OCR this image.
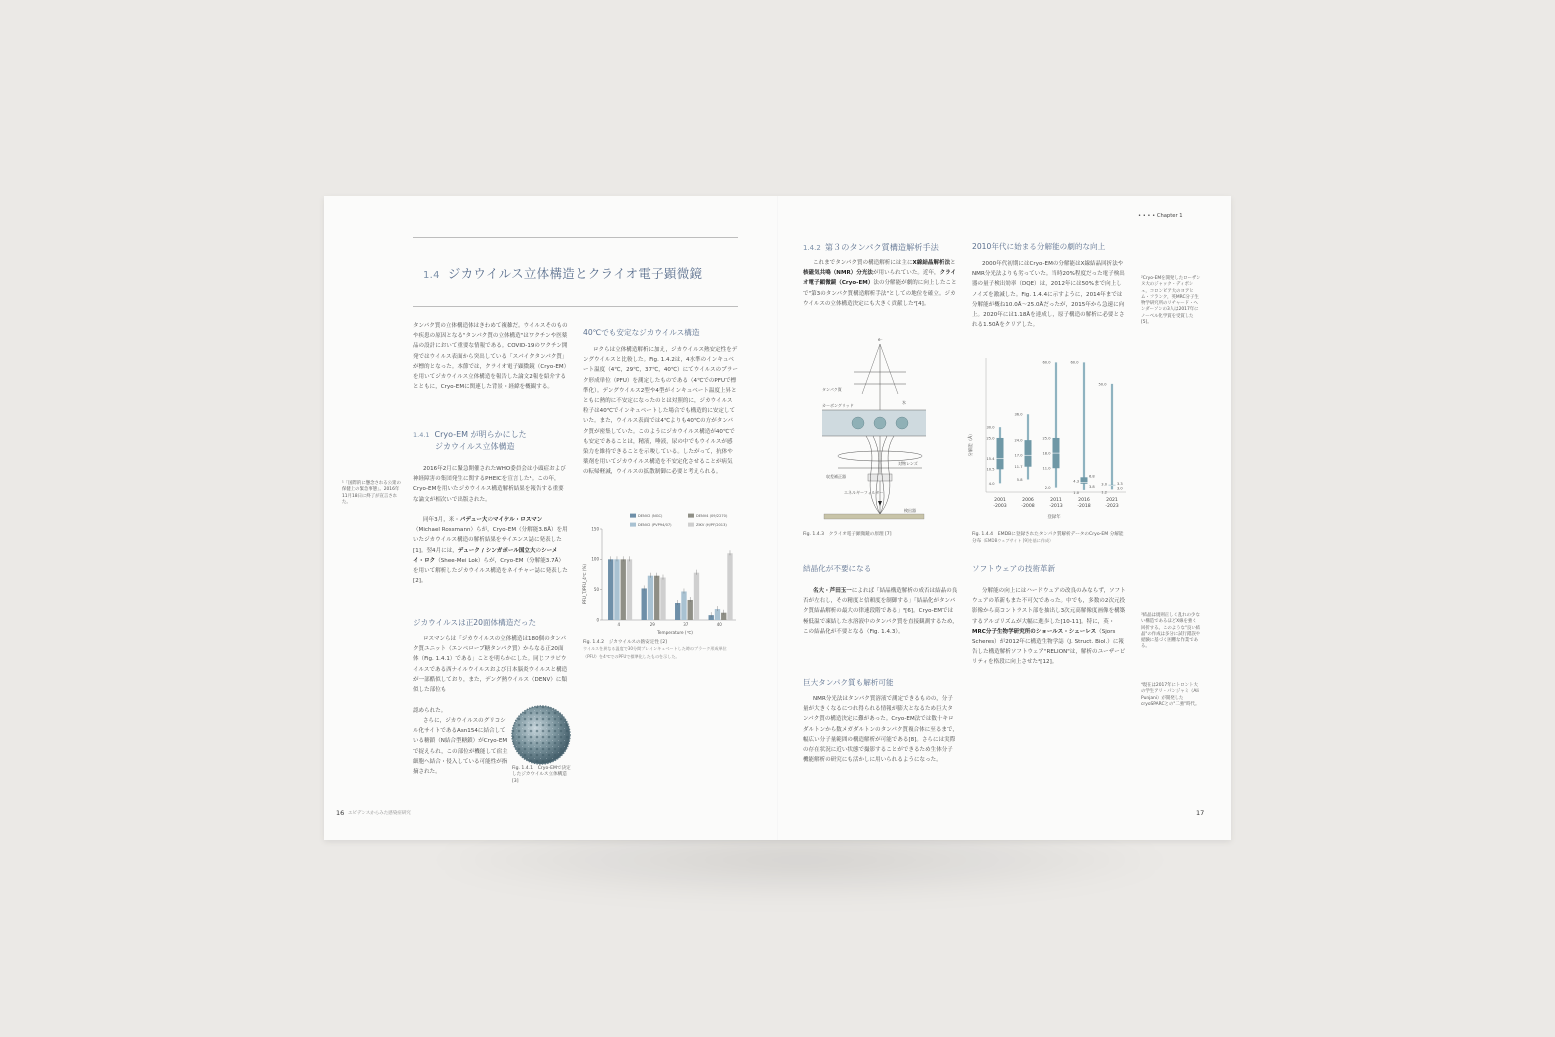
• • • • Chapter 1
1.4 ジカウイルス立体構造とクライオ電子顕微鏡
タンパク質の立体構造体はきわめて複雑だ。ウイルスそのものや疾患の原因となる"タンパク質の立体構造"はワクチンや医薬品の設計において重要な情報である。COVID-19のワクチン開発ではウイルス表面から突出している「スパイクタンパク質」が標的となった。本節では，クライオ電子顕微鏡（Cryo-EM）を用いてジカウイルス立体構造を報告した論文2報を紹介するとともに，Cryo-EMに関連した背景・経緯を概観する。
1.4.1 Cryo-EM が明らかにした
ジカウイルス立体構造
2016年2月に緊急開催されたWHO委員会は小頭症および神経障害の集団発生に関するPHEICを宣言した¹。この年，Cryo-EMを用いたジカウイルス構造解析結果を報告する重要な論文が相次いで出版された。
同年3月，米・パデュー大のマイケル・ロスマン（Michael Rossmann）らが，Cryo-EM（分解能3.8Å）を用いたジカウイルス構造の解析結果をサイエンス誌に発表した[1]。翌4月には，デューク / シンガポール国立大のシーメイ・ロク（Shee-Mei Lok）らが，Cryo-EM（分解能3.7Å）を用いて解析したジカウイルス構造をネイチャー誌に発表した[2]。
¹「国際的に懸念される公衆の保健上の緊急事態」。2016年11月18日に終了が宣言された。
ジカウイルスは正20面体構造だった
ロスマンらは「ジカウイルスの立体構造は180個のタンパク質ユニット（エンベロープ糖タンパク質）からなる正20面体（Fig. 1.4.1）である」ことを明らかにした。同じフラビウイルスである西ナイルウイルスおよび日本脳炎ウイルスと構造が一部酷似しており，また，デング熱ウイルス（DENV）に類似した部位も
認められた。
さらに，ジカウイルスのグリコシル化サイトであるAsn154に結合している糖鎖（N結合型糖鎖）がCryo-EMで捉えられ，この部位が機能して宿主細胞へ結合・侵入している可能性が指摘された。
Fig. 1.4.1　Cryo-EMで決定したジカウイルス立体構造 [3]
40℃でも安定なジカウイルス構造
ロクらは立体構造解析に加え，ジカウイルス熱安定性をデングウイルスと比較した。Fig. 1.4.2は，4水準のインキュベート温度（4℃，29℃，37℃，40℃）にてウイルスのプラーク形成単位（PFU）を測定したものである（4℃でのPFUで標準化）。デングウイルス2型や4型がインキュベート温度上昇とともに熱的に不安定になったのとは対照的に，ジカウイルス粒子は40℃でインキュベートした場合でも構造的に安定していた。また，ウイルス表面では4℃よりも40℃の方がタンパク質が密集していた。このようにジカウイルス構造が40℃でも安定であることは，精液，唾液，尿の中でもウイルスが感染力を維持できることを示唆している。したがって，抗体や薬剤を用いてジカウイルス構造を不安定化させることが病気の転帰軽減，ウイルスの拡散制御に必要と考えられる。
DENV2 (NGC)
DENV2 (PVP94/07)
DENV4 (09/2270)
ZIKV (H/PF/2013)
PFU_T/PFU_4℃ (%)
0
50
100
150
4	29	37	40
Temperature (℃)
Fig. 1.4.2　ジカウイルスの熱安定性 [2]
ウイルスを異なる温度で30分間プレインキュベートした時のプラーク形成単位（PFU）を4℃でのPFUで標準化したものを示した。
16 エビデンスからみた感染症研究
1.4.2 第３のタンパク質構造解析手法
これまでタンパク質の構造解析には主にX線結晶解析法と核磁気共鳴（NMR）分光法が用いられていた。近年，クライオ電子顕微鏡（Cryo-EM）法の分解能が劇的に向上したことで"第3のタンパク質構造解析手法"としての地位を確立。ジカウイルスの立体構造決定にも大きく貢献した²[4]。
e⁻
タンパク質
氷
カーボングリッド
対物レンズ
収差補正器
エネルギーフィルター
検出器
Fig. 1.4.3　クライオ電子顕微鏡の原理 [7]
結晶化が不要になる
名大・芦田玉一によれば「結晶構造解析の成否は結晶の良否が左右し，その精度と信頼度を制御する」「結晶化がタンパク質結晶解析の最大の律速段階である」³[6]。Cryo-EMでは極低温で凍結した水溶液中のタンパク質を直接観測するため，この結晶化が不要となる（Fig. 1.4.3）。
巨大タンパク質も解析可能
NMR分光法はタンパク質溶液で測定できるものの，分子量が大きくなるにつれ得られる情報が膨大となるため巨大タンパク質の構造決定に難があった。Cryo-EM法では数十キロダルトンから数メガダルトンのタンパク質複合体に至るまで，幅広い分子量範囲の構造解析が可能である[8]。さらには実際の存在状況に近い状態で撮影することができるため生体分子機能解析の研究にも活かしに用いられるようになった。
2010年代に始まる分解能の劇的な向上
2000年代初期にはCryo-EMの分解能はX線結晶回折法やNMR分光法よりも劣っていた。当時20%程度だった電子検出器の量子検出効率（DQE）は，2012年には50%まで向上しノイズを激減した。Fig. 1.4.4に示すように，2014年までは分解能が概ね10.0Å〜25.0Åだったが，2015年から急速に向上。2020年には1.18Åを達成し，原子構造の解析に必要とされる1.50Åをクリアした。
分解能（Å）
30.0
25.0
15.4
10.5
4.0
2001
-2003
36.0
24.0
17.0
11.7
5.8
2006
-2008
60.0
25.0
18.0
11.0
2.0
2011
-2013
60.0
6.8
4.3
3.8
1.0
2016
-2018
50.0
3.3
3.0
3.0
1.2
2021
-2023
登録年
Fig. 1.4.4　EMDBに登録されたタンパク質解析データのCryo-EM 分解能分布（EMDBウェブサイト [9]を基に作成）
ソフトウェアの技術革新
分解能の向上にはハードウェアの改良のみならず，ソフトウェアの革新もまた不可欠であった。中でも，多数の2次元投影像から高コントラスト部を抽出し3次元高解像度画像を構築するアルゴリズムが大幅に進歩した[10-11]。特に，英・MRC分子生物学研究所のショールス・シェーレス（Sjors Scheres）が2012年に構造生物学誌（J. Struct. Biol.）に報告した構造解析ソフトウェア"RELION"は，解析のユーザービリティを格段に向上させた⁴[12]。
²Cryo-EMを開発したローザンヌ大のジャック・ディボシェ，コロンビア大のヨアヒム・フランク，英MRC分子生物学研究所のリチャード・ヘンダーソンの3人は2017年にノーベル化学賞を受賞した [5]。
³結晶は規則正しく乱れの少ない構造であるほどX線を強く回折する。このような"良い結晶"の作成は多分に試行錯誤や経験に基づく困難な作業である。
⁴現在は2017年にトロント大の学生アリ・パンジャミ（Ali Punjani）が開発したcryoSPARCとの"二強"時代。
17
